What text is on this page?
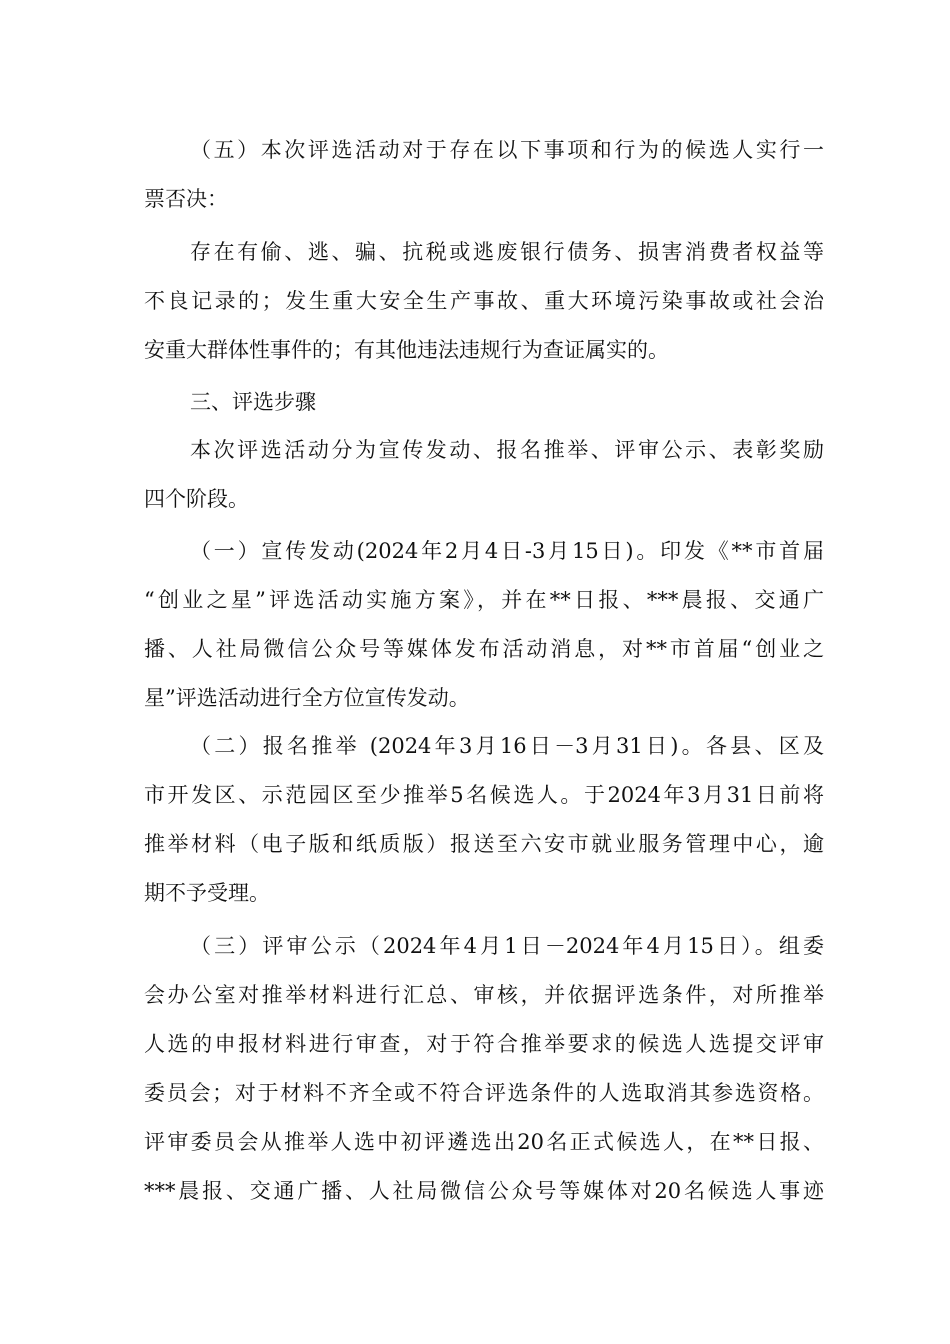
（五）本次评选活动对于存在以下事项和行为的候选人实行一
票否决：
存在有偷、逃、骗、抗税或逃废银行债务、损害消费者权益等
不良记录的；发生重大安全生产事故、重大环境污染事故或社会治
安重大群体性事件的；有其他违法违规行为查证属实的。
三、评选步骤
本次评选活动分为宣传发动、报名推举、评审公示、表彰奖励
四个阶段。
（一）宣传发动(2024年2月4日-3月15日)。印发《**市首届
“创业之星”评选活动实施方案》，并在**日报、***晨报、交通广
播、人社局微信公众号等媒体发布活动消息，对**市首届“创业之
星”评选活动进行全方位宣传发动。
（二）报名推举 (2024年3月16日－3月31日)。各县、区及
市开发区、示范园区至少推举5名候选人。于2024年3月31日前将
推举材料（电子版和纸质版）报送至六安市就业服务管理中心，逾
期不予受理。
（三）评审公示（2024年4月1日－2024年4月15日）。组委
会办公室对推举材料进行汇总、审核，并依据评选条件，对所推举
人选的申报材料进行审查，对于符合推举要求的候选人选提交评审
委员会；对于材料不齐全或不符合评选条件的人选取消其参选资格。
评审委员会从推举人选中初评遴选出20名正式候选人，在**日报、
***晨报、交通广播、人社局微信公众号等媒体对20名候选人事迹
